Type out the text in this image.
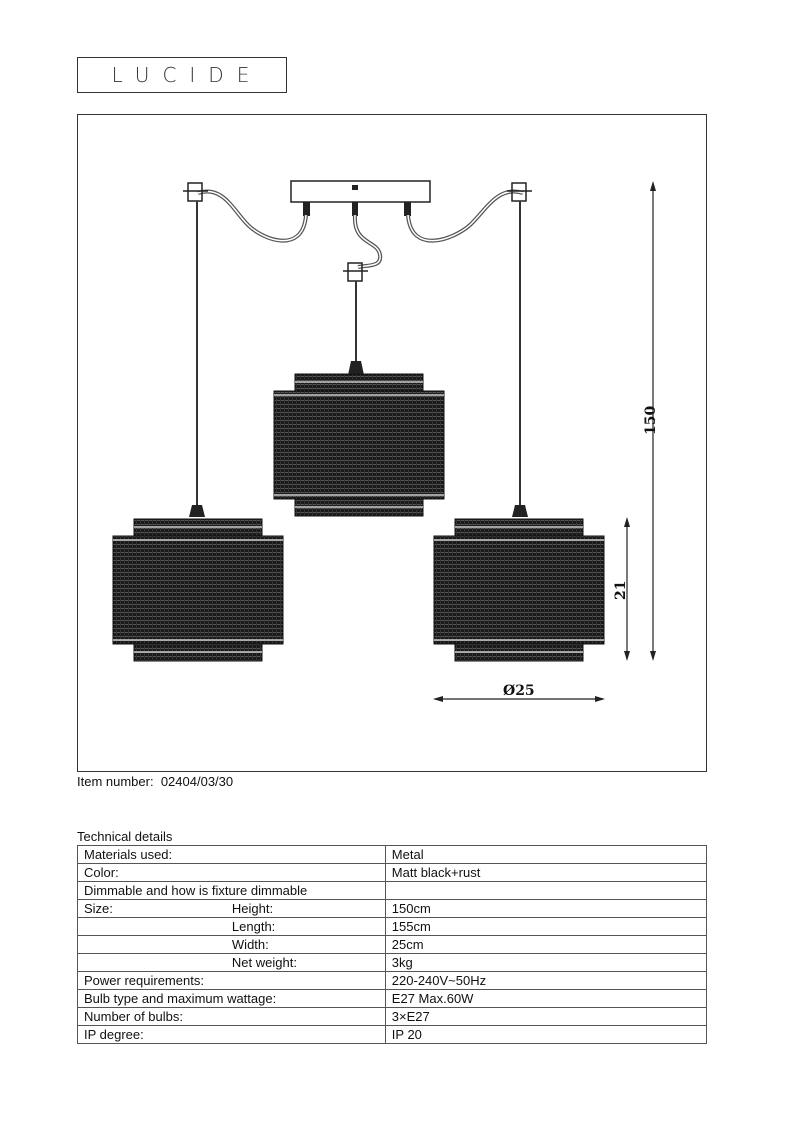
LUCIDE
150
21
Ø25
Item number: 02404/03/30
Technical details
Materials used:		Metal
Color:		Matt black+rust
Dimmable and how is fixture dimmable		
Size:	Height:	150cm
	Length:	155cm
	Width:	25cm
	Net weight:	3kg
Power requirements:		220-240V~50Hz
Bulb type and maximum wattage:		E27 Max.60W
Number of bulbs:		3×E27
IP degree:		IP 20
